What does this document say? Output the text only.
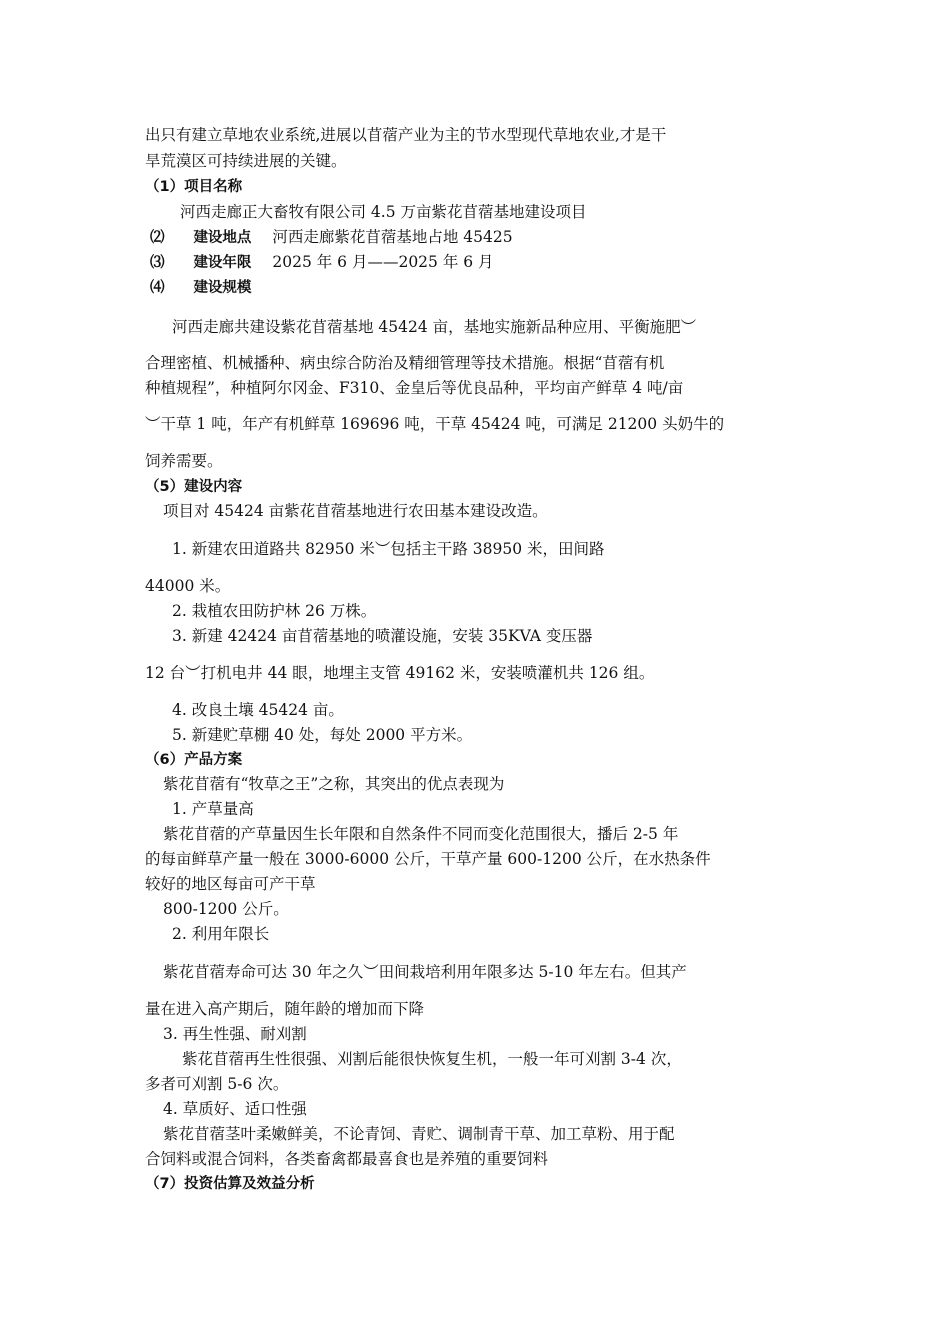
出只有建立草地农业系统,进展以苜蓿产业为主的节水型现代草地农业,才是干
旱荒漠区可持续进展的关键。
（1）项目名称
河西走廊正大畜牧有限公司 4.5 万亩紫花苜蓿基地建设项目
⑵ 建设地点 河西走廊紫花苜蓿基地占地 45425
⑶ 建设年限 2025 年 6 月——2025 年 6 月
⑷ 建设规模
河西走廊共建设紫花苜蓿基地 45424 亩，基地实施新品种应用、平衡施肥︶
合理密植、机械播种、病虫综合防治及精细管理等技术措施。根据“苜蓿有机
种植规程”，种植阿尔冈金、F310、金皇后等优良品种，平均亩产鲜草 4 吨/亩
︶干草 1 吨，年产有机鲜草 169696 吨，干草 45424 吨，可满足 21200 头奶牛的
饲养需要。
（5）建设内容
项目对 45424 亩紫花苜蓿基地进行农田基本建设改造。
1. 新建农田道路共 82950 米︶包括主干路 38950 米，田间路
44000 米。
2. 栽植农田防护林 26 万株。
3. 新建 42424 亩苜蓿基地的喷灌设施，安装 35KVA 变压器
12 台︶打机电井 44 眼，地埋主支管 49162 米，安装喷灌机共 126 组。
4. 改良土壤 45424 亩。
5. 新建贮草棚 40 处，每处 2000 平方米。
（6）产品方案
紫花苜蓿有“牧草之王”之称，其突出的优点表现为
1. 产草量高
紫花苜蓿的产草量因生长年限和自然条件不同而变化范围很大，播后 2-5 年
的每亩鲜草产量一般在 3000-6000 公斤，干草产量 600-1200 公斤，在水热条件
较好的地区每亩可产干草
800-1200 公斤。
2. 利用年限长
紫花苜蓿寿命可达 30 年之久︶田间栽培利用年限多达 5-10 年左右。但其产
量在进入高产期后，随年龄的增加而下降
3. 再生性强、耐刈割
紫花苜蓿再生性很强、刈割后能很快恢复生机，一般一年可刈割 3-4 次，
多者可刈割 5-6 次。
4. 草质好、适口性强
紫花苜蓿茎叶柔嫩鲜美，不论青饲、青贮、调制青干草、加工草粉、用于配
合饲料或混合饲料，各类畜禽都最喜食也是养殖的重要饲料
（7）投资估算及效益分析
